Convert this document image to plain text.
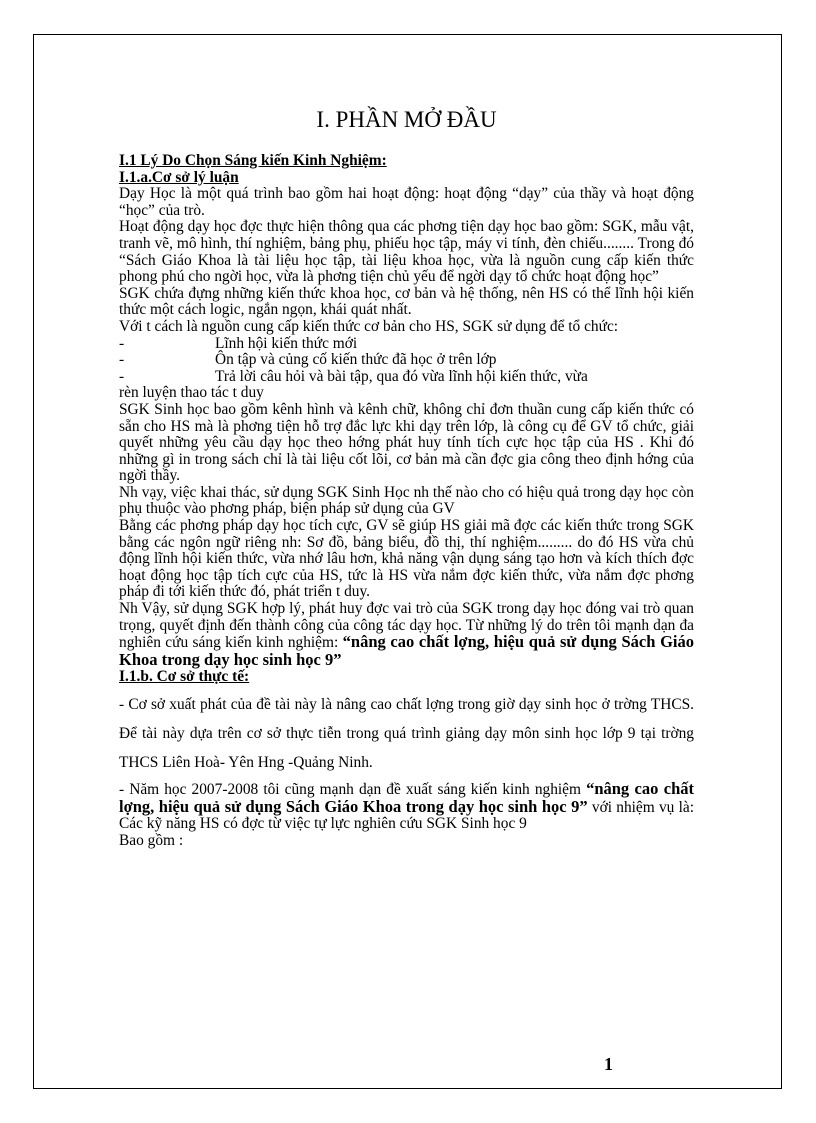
I. PHẦN MỞ ĐẦU

I.1 Lý Do Chọn Sáng kiến Kinh Nghiệm:

I.1.a.Cơ sở lý luận

Dạy Học là một quá trình bao gồm hai hoạt động: hoạt động “dạy” của thầy và hoạt động “học” của trò.

Hoạt động dạy học đợc thực hiện thông qua các phơng tiện dạy học bao gồm: SGK, mẫu vật, tranh vẽ, mô hình, thí nghiệm, bảng phụ, phiếu học tập, máy vi tính, đèn chiếu........ Trong đó “Sách Giáo Khoa là tài liệu học tập, tài liệu khoa học, vừa là nguồn cung cấp kiến thức phong phú cho ngời học, vừa là phơng tiện chủ yếu để ngời dạy tổ chức hoạt động học”

SGK chứa đựng những kiến thức khoa học, cơ bản và hệ thống, nên HS có thể lĩnh hội kiến thức một cách logic, ngắn ngọn, khái quát nhất.

Với t cách là nguồn cung cấp kiến thức cơ bản cho HS, SGK sử dụng để tổ chức:

-	Lĩnh hội kiến thức mới
-	Ôn tập và củng cố kiến thức đã học ở trên lớp
-	Trả lời câu hỏi và bài tập, qua đó vừa lĩnh hội kiến thức, vừa

rèn luyện thao tác t duy

SGK Sinh học bao gồm kênh hình và kênh chữ, không chỉ đơn thuần cung cấp kiến thức có sẵn cho HS mà là phơng tiện hỗ trợ đắc lực khi dạy trên lớp, là công cụ để GV tổ chức, giải quyết những yêu cầu dạy học theo hớng phát huy tính tích cực học tập của HS . Khi đó những gì in trong sách chỉ là tài liệu cốt lõi, cơ bản mà cần đợc gia công theo định hớng của ngời thầy.

Nh vạy, việc khai thác, sử dụng SGK Sinh Học nh thế nào cho có hiệu quả trong dạy học còn phụ thuộc vào phơng pháp, biện pháp sử dụng của GV

Bằng các phơng pháp dạy học tích cực, GV sẽ giúp HS giải mã đợc các kiến thức trong SGK bằng các ngôn ngữ riêng nh: Sơ đồ, bảng biểu, đồ thị, thí nghiệm......... do đó HS vừa chủ động lĩnh hội kiến thức, vừa nhớ lâu hơn, khả năng vận dụng sáng tạo hơn và kích thích đợc hoạt động học tập tích cực của HS, tức là HS vừa nắm đợc kiến thức, vừa nắm đợc phơng pháp đi tới kiến thức đó, phát triển t duy.

Nh Vậy, sử dụng SGK hợp lý, phát huy đợc vai trò của SGK trong dạy học đóng vai trò quan trọng, quyết định đến thành công của công tác dạy học. Từ những lý do trên tôi mạnh dạn đa nghiên cứu sáng kiến kinh nghiệm: “nâng cao chất lợng, hiệu quả sử dụng Sách Giáo Khoa trong dạy học sinh học 9”

I.1.b. Cơ sở thực tế:

- Cơ sở xuất phát của đề tài này là nâng cao chất lợng trong giờ dạy sinh học ở trờng THCS. Để tài này dựa trên cơ sở thực tiễn trong quá trình giảng dạy môn sinh học lớp 9 tại trờng THCS Liên Hoà- Yên Hng -Quảng Ninh.

- Năm học 2007-2008 tôi cũng mạnh dạn đề xuất sáng kiến kinh nghiệm “nâng cao chất lợng, hiệu quả sử dụng Sách Giáo Khoa trong dạy học sinh học 9” với nhiệm vụ là: Các kỹ năng HS có đợc từ việc tự lực nghiên cứu SGK Sinh học 9

Bao gồm :

1
